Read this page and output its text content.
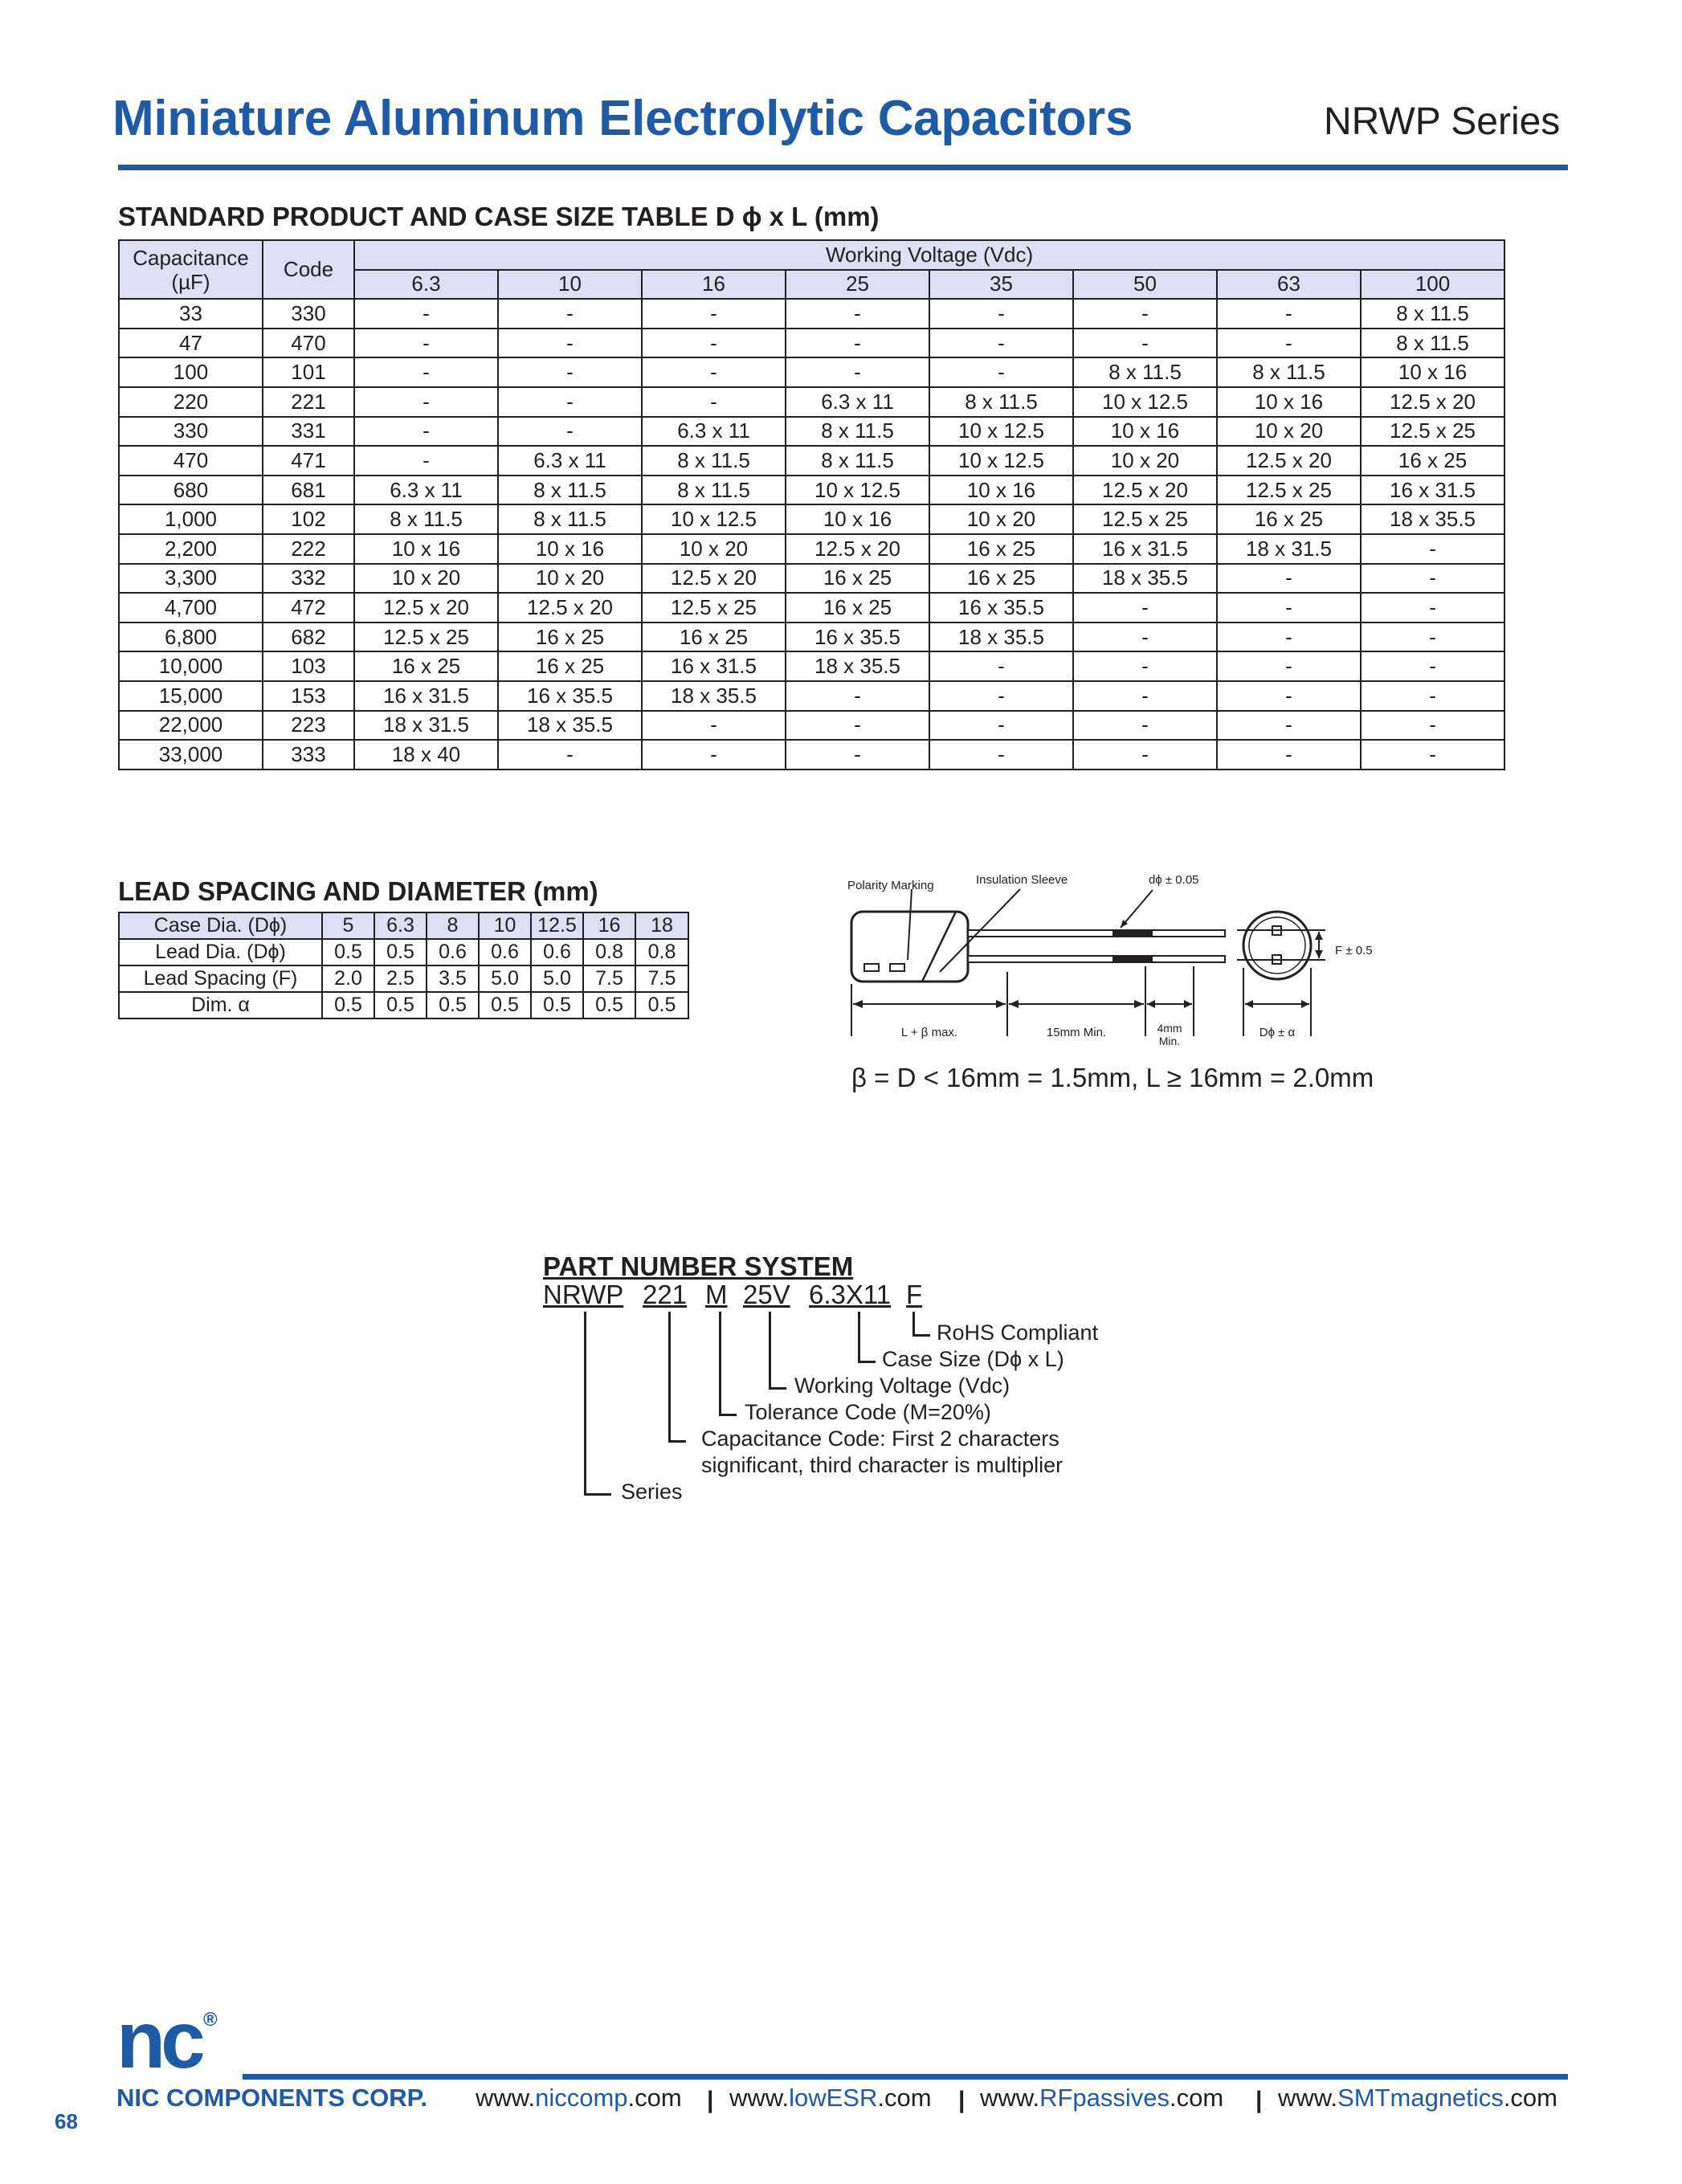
Miniature Aluminum Electrolytic Capacitors	NRWP Series
STANDARD PRODUCT AND CASE SIZE TABLE D ϕ x L (mm)
Capacitance (µF)	Code	Working Voltage (Vdc)							
		6.3	10	16	25	35	50	63	100
33	330	-	-	-	-	-	-	-	8 x 11.5
47	470	-	-	-	-	-	-	-	8 x 11.5
100	101	-	-	-	-	-	8 x 11.5	8 x 11.5	10 x 16
220	221	-	-	-	6.3 x 11	8 x 11.5	10 x 12.5	10 x 16	12.5 x 20
330	331	-	-	6.3 x 11	8 x 11.5	10 x 12.5	10 x 16	10 x 20	12.5 x 25
470	471	-	6.3 x 11	8 x 11.5	8 x 11.5	10 x 12.5	10 x 20	12.5 x 20	16 x 25
680	681	6.3 x 11	8 x 11.5	8 x 11.5	10 x 12.5	10 x 16	12.5 x 20	12.5 x 25	16 x 31.5
1,000	102	8 x 11.5	8 x 11.5	10 x 12.5	10 x 16	10 x 20	12.5 x 25	16 x 25	18 x 35.5
2,200	222	10 x 16	10 x 16	10 x 20	12.5 x 20	16 x 25	16 x 31.5	18 x 31.5	-
3,300	332	10 x 20	10 x 20	12.5 x 20	16 x 25	16 x 25	18 x 35.5	-	-
4,700	472	12.5 x 20	12.5 x 20	12.5 x 25	16 x 25	16 x 35.5	-	-	-
6,800	682	12.5 x 25	16 x 25	16 x 25	16 x 35.5	18 x 35.5	-	-	-
10,000	103	16 x 25	16 x 25	16 x 31.5	18 x 35.5	-	-	-	-
15,000	153	16 x 31.5	16 x 35.5	18 x 35.5	-	-	-	-	-
22,000	223	18 x 31.5	18 x 35.5	-	-	-	-	-	-
33,000	333	18 x 40	-	-	-	-	-	-	-
LEAD SPACING AND DIAMETER (mm)
Case Dia. (Dϕ)	5	6.3	8	10	12.5	16	18
Lead Dia. (Dϕ)	0.5	0.5	0.6	0.6	0.6	0.8	0.8
Lead Spacing (F)	2.0	2.5	3.5	5.0	5.0	7.5	7.5
Dim. α	0.5	0.5	0.5	0.5	0.5	0.5	0.5
L + β max.	15mm Min.	4mm
Min.
F ± 0.5
Dϕ ± α
Polarity Marking	Insulation Sleeve	dϕ ± 0.05
β = D < 16mm = 1.5mm, L ≥ 16mm = 2.0mm
PART NUMBER SYSTEM
NRWP 221 M 25V 6.3X11 F
RoHS Compliant
Case Size (Dϕ x L)
Working Voltage (Vdc)
Tolerance Code (M=20%)
Capacitance Code: First 2 characters
significant, third character is multiplier
Series
nc ®
NIC COMPONENTS CORP.
68
www.niccomp.com | www.lowESR.com | www.RFpassives.com | www.SMTmagnetics.com
